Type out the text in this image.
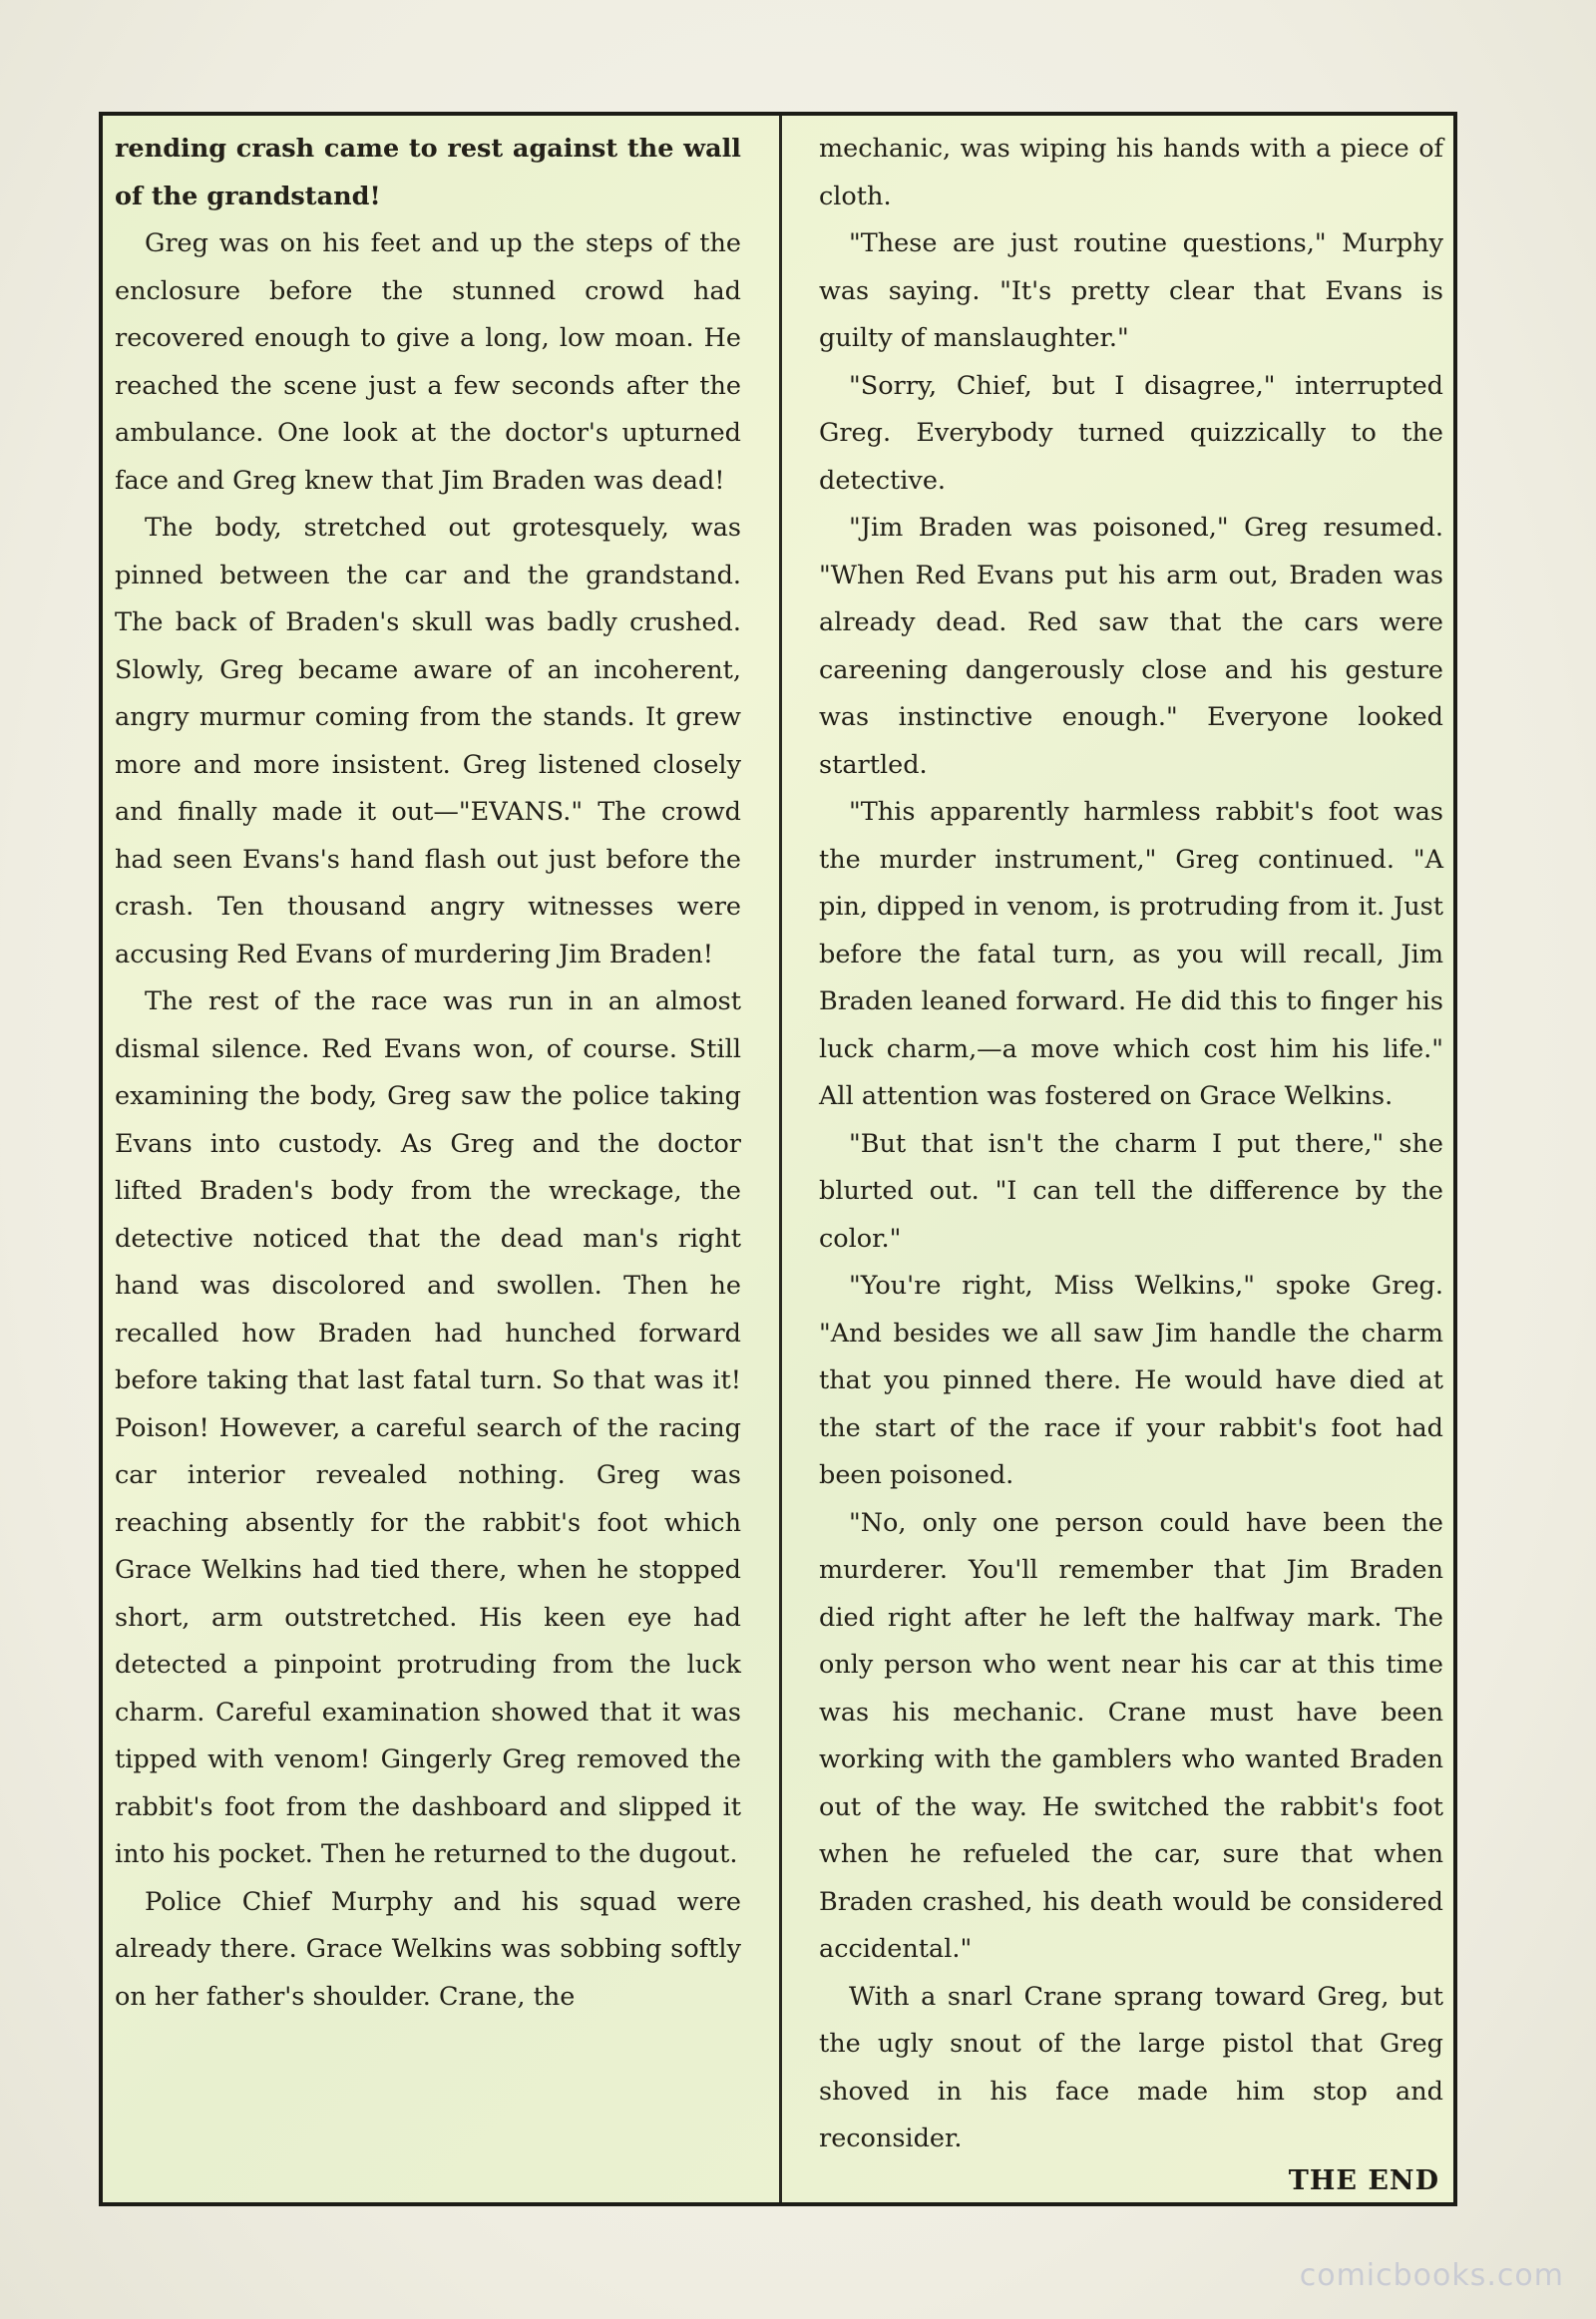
rending crash came to rest against the wall of the grandstand!

Greg was on his feet and up the steps of the enclosure before the stunned crowd had recovered enough to give a long, low moan. He reached the scene just a few seconds after the ambulance. One look at the doctor's upturned face and Greg knew that Jim Braden was dead!

The body, stretched out grotesquely, was pinned between the car and the grandstand. The back of Braden's skull was badly crushed. Slowly, Greg became aware of an incoherent, angry murmur coming from the stands. It grew more and more insistent. Greg listened closely and finally made it out—"EVANS." The crowd had seen Evans's hand flash out just before the crash. Ten thousand angry witnesses were accusing Red Evans of murdering Jim Braden!

The rest of the race was run in an almost dismal silence. Red Evans won, of course. Still examining the body, Greg saw the police taking Evans into custody. As Greg and the doctor lifted Braden's body from the wreckage, the detective noticed that the dead man's right hand was discolored and swollen. Then he recalled how Braden had hunched forward before taking that last fatal turn. So that was it! Poison! However, a careful search of the racing car interior revealed nothing. Greg was reaching absently for the rabbit's foot which Grace Welkins had tied there, when he stopped short, arm outstretched. His keen eye had detected a pinpoint protruding from the luck charm. Careful examination showed that it was tipped with venom! Gingerly Greg removed the rabbit's foot from the dashboard and slipped it into his pocket. Then he returned to the dugout.

Police Chief Murphy and his squad were already there. Grace Welkins was sobbing softly on her father's shoulder. Crane, the

mechanic, was wiping his hands with a piece of cloth.

"These are just routine questions," Murphy was saying. "It's pretty clear that Evans is guilty of manslaughter."

"Sorry, Chief, but I disagree," interrupted Greg. Everybody turned quizzically to the detective.

"Jim Braden was poisoned," Greg resumed. "When Red Evans put his arm out, Braden was already dead. Red saw that the cars were careening dangerously close and his gesture was instinctive enough." Everyone looked startled.

"This apparently harmless rabbit's foot was the murder instrument," Greg continued. "A pin, dipped in venom, is protruding from it. Just before the fatal turn, as you will recall, Jim Braden leaned forward. He did this to finger his luck charm,—a move which cost him his life." All attention was fostered on Grace Welkins.

"But that isn't the charm I put there," she blurted out. "I can tell the difference by the color."

"You're right, Miss Welkins," spoke Greg. "And besides we all saw Jim handle the charm that you pinned there. He would have died at the start of the race if your rabbit's foot had been poisoned.

"No, only one person could have been the murderer. You'll remember that Jim Braden died right after he left the halfway mark. The only person who went near his car at this time was his mechanic. Crane must have been working with the gamblers who wanted Braden out of the way. He switched the rabbit's foot when he refueled the car, sure that when Braden crashed, his death would be considered accidental."

With a snarl Crane sprang toward Greg, but the ugly snout of the large pistol that Greg shoved in his face made him stop and reconsider.

THE END
comicbooks.com
